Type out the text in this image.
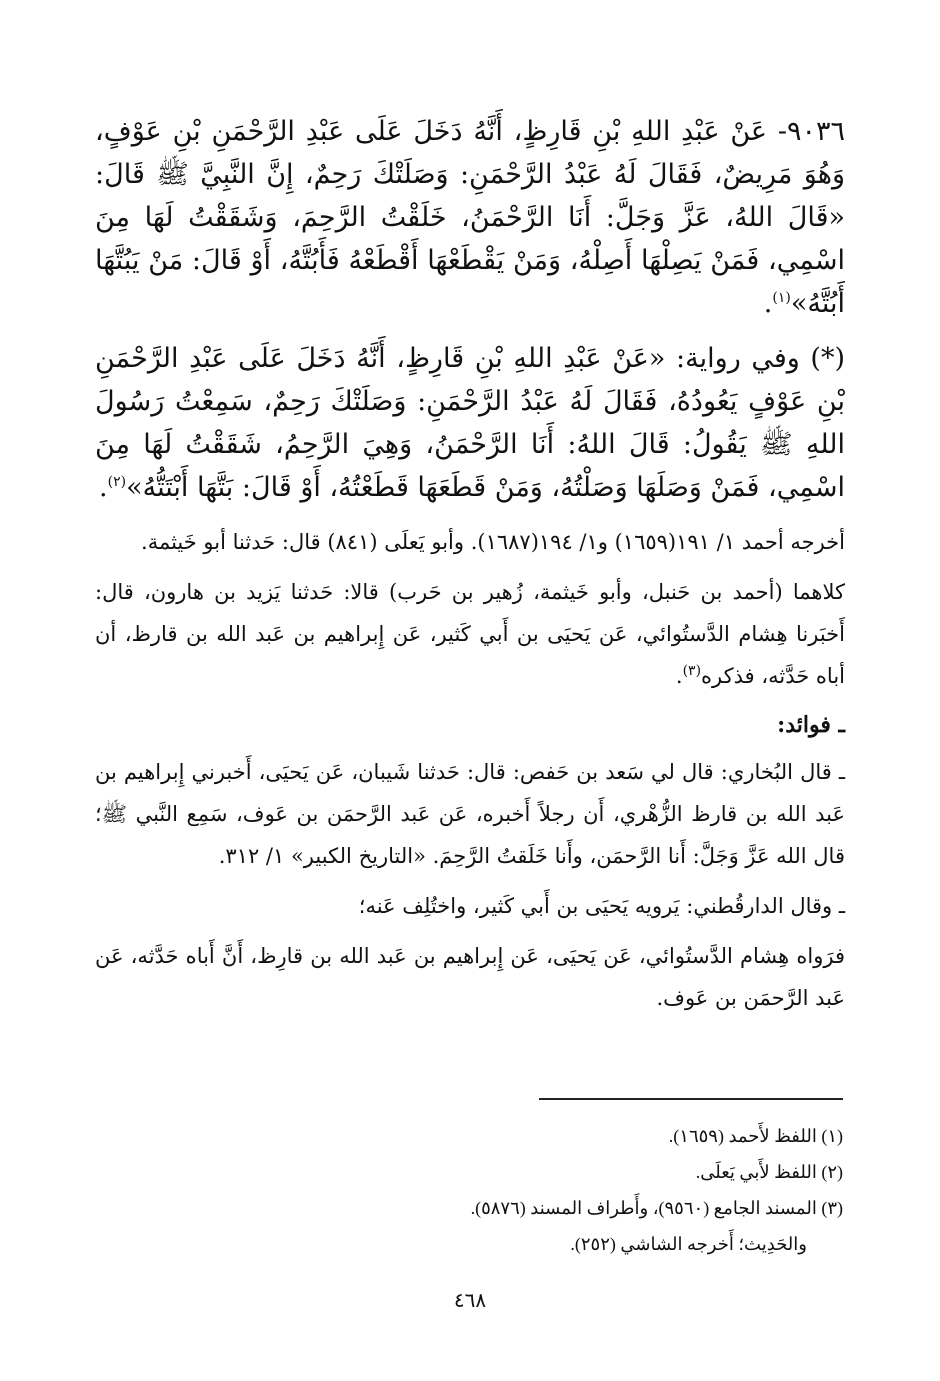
٩٠٣٦- عَنْ عَبْدِ اللهِ بْنِ قَارِظٍ، أَنَّهُ دَخَلَ عَلَى عَبْدِ الرَّحْمَنِ بْنِ عَوْفٍ، وَهُوَ مَرِيضٌ، فَقَالَ لَهُ عَبْدُ الرَّحْمَنِ: وَصَلَتْكَ رَحِمٌ، إِنَّ النَّبِيَّ ﷺ قَالَ: «قَالَ اللهُ، عَزَّ وَجَلَّ: أَنَا الرَّحْمَنُ، خَلَقْتُ الرَّحِمَ، وَشَقَقْتُ لَهَا مِنَ اسْمِي، فَمَنْ يَصِلْهَا أَصِلْهُ، وَمَنْ يَقْطَعْهَا أَقْطَعْهُ فَأَبُتَّهُ، أَوْ قَالَ: مَنْ يَبُتَّهَا أَبُتَّهُ»$^{(١)}$.

(*) وفي رواية: «عَنْ عَبْدِ اللهِ بْنِ قَارِظٍ، أَنَّهُ دَخَلَ عَلَى عَبْدِ الرَّحْمَنِ بْنِ عَوْفٍ يَعُودُهُ، فَقَالَ لَهُ عَبْدُ الرَّحْمَنِ: وَصَلَتْكَ رَحِمٌ، سَمِعْتُ رَسُولَ اللهِ ﷺ يَقُولُ: قَالَ اللهُ: أَنَا الرَّحْمَنُ، وَهِيَ الرَّحِمُ، شَقَقْتُ لَهَا مِنَ اسْمِي، فَمَنْ وَصَلَهَا وَصَلْتُهُ، وَمَنْ قَطَعَهَا قَطَعْتُهُ، أَوْ قَالَ: بَتَّهَا أَبْتَتُّهُ»$^{(٢)}$.

أخرجه أحمد ١/ ١٩١(١٦٥٩) و١/ ١٩٤(١٦٨٧). وأبو يَعلَى (٨٤١) قال: حَدثنا أبو خَيثمة.

كلاهما (أحمد بن حَنبل، وأبو خَيثمة، زُهير بن حَرب) قالا: حَدثنا يَزيد بن هارون، قال: أَخبَرنا هِشام الدَّستُوائي، عَن يَحيَى بن أَبي كَثير، عَن إِبراهيم بن عَبد الله بن قارظ، أن أباه حَدَّثه، فذكره$^{(٣)}$.

ـ فوائد:

ـ قال البُخاري: قال لي سَعد بن حَفص: قال: حَدثنا شَيبان، عَن يَحيَى، أَخبرني إِبراهيم بن عَبد الله بن قارظ الزُّهْري، أَن رجلاً أَخبره، عَن عَبد الرَّحمَن بن عَوف، سَمِع النَّبي ﷺ؛ قال الله عَزَّ وَجَلَّ: أَنا الرَّحمَن، وأَنا خَلَقتُ الرَّحِمَ. «التاريخ الكبير» ١/ ٣١٢.

ـ وقال الدارقُطني: يَرويه يَحيَى بن أَبي كَثير، واختُلِف عَنه؛

فرَواه هِشام الدَّستُوائي، عَن يَحيَى، عَن إِبراهيم بن عَبد الله بن قارِظ، أَنَّ أَباه حَدَّثه، عَن عَبد الرَّحمَن بن عَوف.

(١) اللفظ لأَحمد (١٦٥٩).

(٢) اللفظ لأَبي يَعلَى.

(٣) المسند الجامع (٩٥٦٠)، وأَطراف المسند (٥٨٧٦).

والحَدِيث؛ أَخرجه الشاشي (٢٥٢).

٤٦٨
